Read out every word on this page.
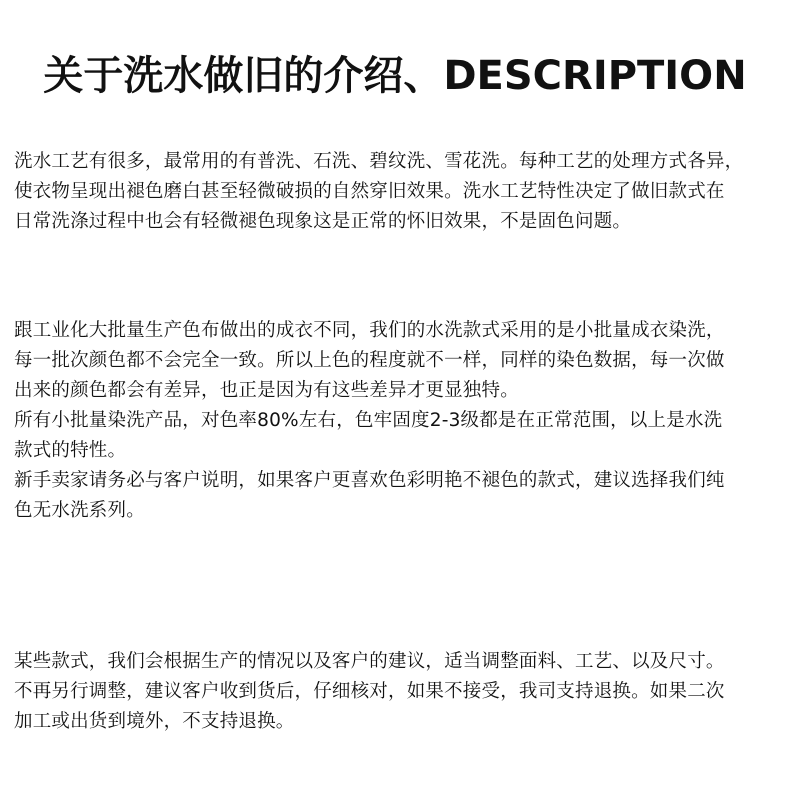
关于洗水做旧的介绍、DESCRIPTION
洗水工艺有很多，最常用的有普洗、石洗、碧纹洗、雪花洗。每种工艺的处理方式各异，
使衣物呈现出褪色磨白甚至轻微破损的自然穿旧效果。洗水工艺特性决定了做旧款式在
日常洗涤过程中也会有轻微褪色现象这是正常的怀旧效果，不是固色问题。
跟工业化大批量生产色布做出的成衣不同，我们的水洗款式采用的是小批量成衣染洗，
每一批次颜色都不会完全一致。所以上色的程度就不一样，同样的染色数据，每一次做
出来的颜色都会有差异，也正是因为有这些差异才更显独特。
所有小批量染洗产品，对色率80%左右，色牢固度2-3级都是在正常范围，以上是水洗
款式的特性。
新手卖家请务必与客户说明，如果客户更喜欢色彩明艳不褪色的款式，建议选择我们纯
色无水洗系列。
某些款式，我们会根据生产的情况以及客户的建议，适当调整面料、工艺、以及尺寸。
不再另行调整，建议客户收到货后，仔细核对，如果不接受，我司支持退换。如果二次
加工或出货到境外，不支持退换。
